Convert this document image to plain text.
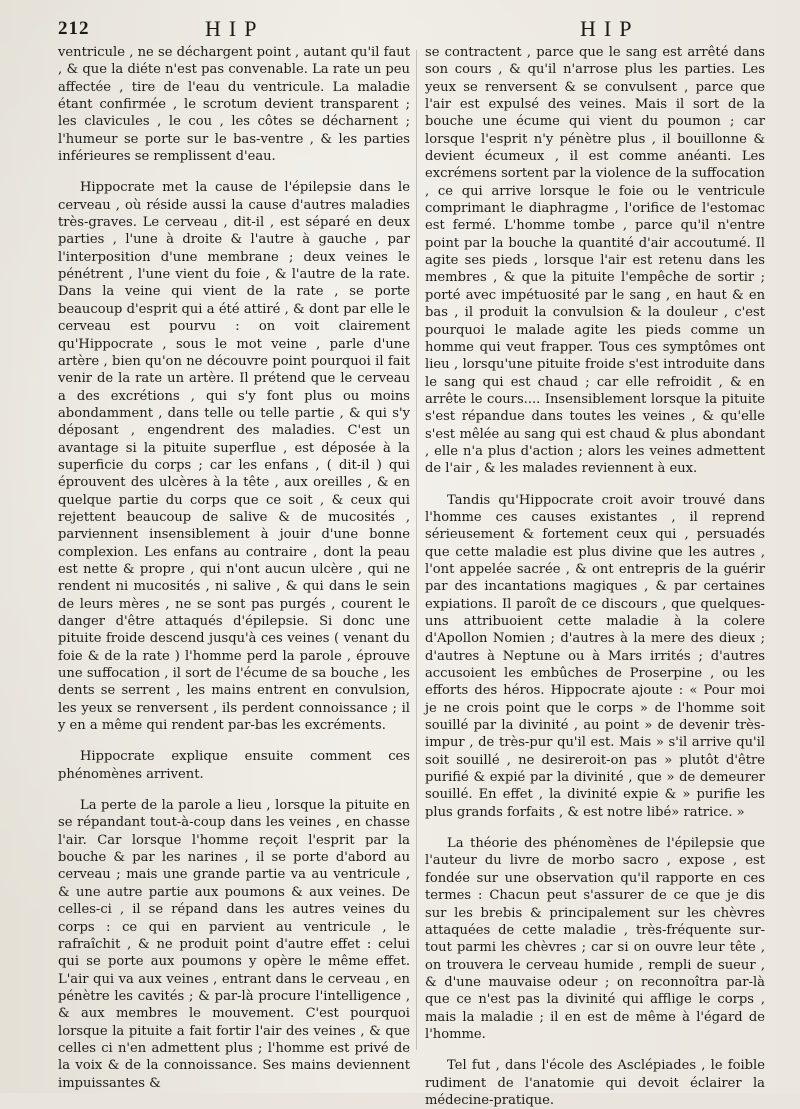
212	HIP	HIP

ventricule , ne se déchargent point , autant qu'il faut , & que la diéte n'est pas convenable. La rate un peu affectée , tire de l'eau du ventricule. La maladie étant confirmée , le scrotum devient transparent ; les clavicules , le cou , les côtes se décharnent ; l'humeur se porte sur le bas-ventre , & les parties inférieures se remplissent d'eau.

Hippocrate met la cause de l'épilepsie dans le cerveau , où réside aussi la cause d'autres maladies très-graves. Le cerveau , dit-il , est séparé en deux parties , l'une à droite & l'autre à gauche , par l'interposition d'une membrane ; deux veines le pénétrent , l'une vient du foie , & l'autre de la rate. Dans la veine qui vient de la rate , se porte beaucoup d'esprit qui a été attiré , & dont par elle le cerveau est pourvu : on voit clairement qu'Hippocrate , sous le mot veine , parle d'une artère , bien qu'on ne découvre point pourquoi il fait venir de la rate un artère. Il prétend que le cerveau a des excrétions , qui s'y font plus ou moins abondamment , dans telle ou telle partie , & qui s'y déposant , engendrent des maladies. C'est un avantage si la pituite superflue , est déposée à la superficie du corps ; car les enfans , ( dit-il ) qui éprouvent des ulcères à la tête , aux oreilles , & en quelque partie du corps que ce soit , & ceux qui rejettent beaucoup de salive & de mucosités , parviennent insensiblement à jouir d'une bonne complexion. Les enfans au contraire , dont la peau est nette & propre , qui n'ont aucun ulcère , qui ne rendent ni mucosités , ni salive , & qui dans le sein de leurs mères , ne se sont pas purgés , courent le danger d'être attaqués d'épilepsie. Si donc une pituite froide descend jusqu'à ces veines ( venant du foie & de la rate ) l'homme perd la parole , éprouve une suffocation , il sort de l'écume de sa bouche , les dents se serrent , les mains entrent en convulsion, les yeux se renversent , ils perdent connoissance ; il y en a même qui rendent par-bas les excréments.

Hippocrate explique ensuite comment ces phénomènes arrivent.

La perte de la parole a lieu , lorsque la pituite en se répandant tout-à-coup dans les veines , en chasse l'air. Car lorsque l'homme reçoit l'esprit par la bouche & par les narines , il se porte d'abord au cerveau ; mais une grande partie va au ventricule , & une autre partie aux poumons & aux veines. De celles-ci , il se répand dans les autres veines du corps : ce qui en parvient au ventricule , le rafraîchit , & ne produit point d'autre effet : celui qui se porte aux poumons y opère le même effet. L'air qui va aux veines , entrant dans le cerveau , en pénètre les cavités ; & par-là procure l'intelligence , & aux membres le mouvement. C'est pourquoi lorsque la pituite a fait fortir l'air des veines , & que celles ci n'en admettent plus ; l'homme est privé de la voix & de la connoissance. Ses mains deviennent impuissantes &

se contractent , parce que le sang est arrêté dans son cours , & qu'il n'arrose plus les parties. Les yeux se renversent & se convulsent , parce que l'air est expulsé des veines. Mais il sort de la bouche une écume qui vient du poumon ; car lorsque l'esprit n'y pénètre plus , il bouillonne & devient écumeux , il est comme anéanti. Les excrémens sortent par la violence de la suffocation , ce qui arrive lorsque le foie ou le ventricule comprimant le diaphragme , l'orifice de l'estomac est fermé. L'homme tombe , parce qu'il n'entre point par la bouche la quantité d'air accoutumé. Il agite ses pieds , lorsque l'air est retenu dans les membres , & que la pituite l'empêche de sortir ; porté avec impétuosité par le sang , en haut & en bas , il produit la convulsion & la douleur , c'est pourquoi le malade agite les pieds comme un homme qui veut frapper. Tous ces symptômes ont lieu , lorsqu'une pituite froide s'est introduite dans le sang qui est chaud ; car elle refroidit , & en arrête le cours.... Insensiblement lorsque la pituite s'est répandue dans toutes les veines , & qu'elle s'est mêlée au sang qui est chaud & plus abondant , elle n'a plus d'action ; alors les veines admettent de l'air , & les malades reviennent à eux.

Tandis qu'Hippocrate croit avoir trouvé dans l'homme ces causes existantes , il reprend sérieusement & fortement ceux qui , persuadés que cette maladie est plus divine que les autres , l'ont appelée sacrée , & ont entrepris de la guérir par des incantations magiques , & par certaines expiations. Il paroît de ce discours , que quelques-uns attribuoient cette maladie à la colere d'Apollon Nomien ; d'autres à la mere des dieux ; d'autres à Neptune ou à Mars irrités ; d'autres accusoient les embûches de Proserpine , ou les efforts des héros. Hippocrate ajoute : « Pour moi je ne crois point que le corps » de l'homme soit souillé par la divinité , au point » de devenir très-impur , de très-pur qu'il est. Mais » s'il arrive qu'il soit souillé , ne desireroit-on pas » plutôt d'être purifié & expié par la divinité , que » de demeurer souillé. En effet , la divinité expie & » purifie les plus grands forfaits , & est notre libé» ratrice. »

La théorie des phénomènes de l'épilepsie que l'auteur du livre de morbo sacro , expose , est fondée sur une observation qu'il rapporte en ces termes : Chacun peut s'assurer de ce que je dis sur les brebis & principalement sur les chèvres attaquées de cette maladie , très-fréquente sur-tout parmi les chèvres ; car si on ouvre leur tête , on trouvera le cerveau humide , rempli de sueur , & d'une mauvaise odeur ; on reconnoîtra par-là que ce n'est pas la divinité qui afflige le corps , mais la maladie ; il en est de même à l'égard de l'homme.

Tel fut , dans l'école des Asclépiades , le foible rudiment de l'anatomie qui devoit éclairer la médecine-pratique.
